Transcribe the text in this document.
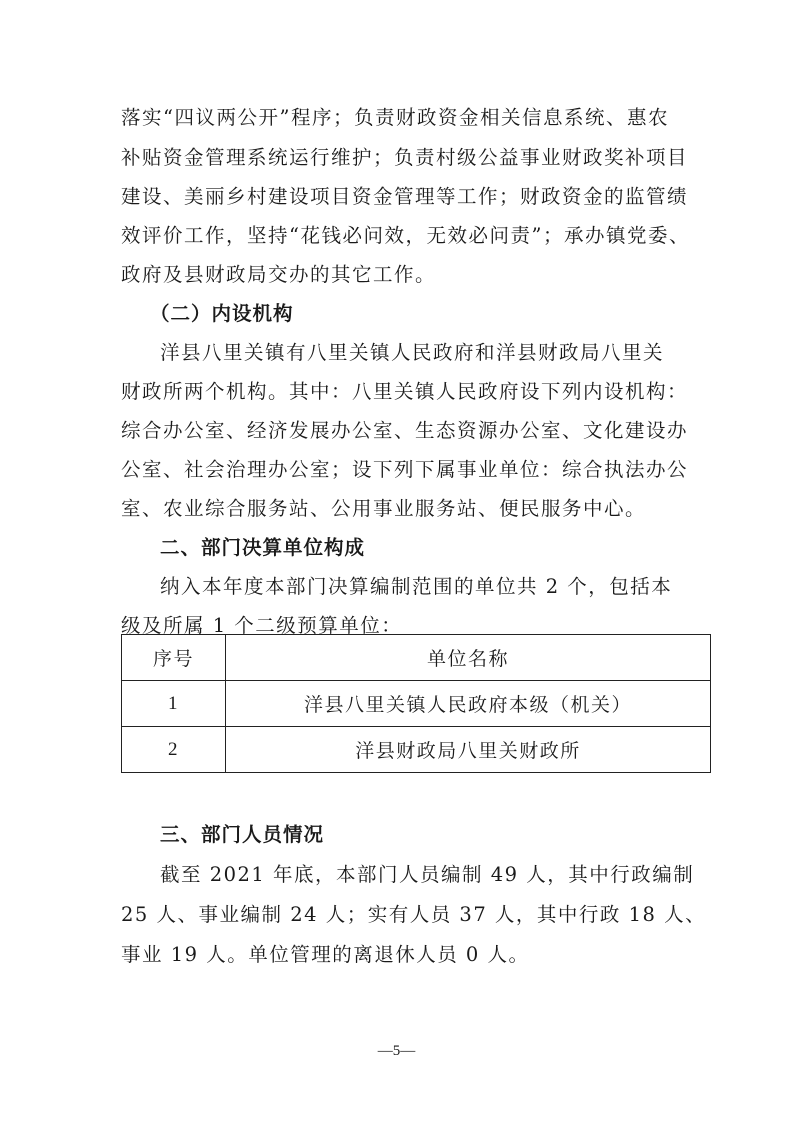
落实“四议两公开”程序；负责财政资金相关信息系统、惠农
补贴资金管理系统运行维护；负责村级公益事业财政奖补项目
建设、美丽乡村建设项目资金管理等工作；财政资金的监管绩
效评价工作，坚持“花钱必问效，无效必问责”；承办镇党委、
政府及县财政局交办的其它工作。
（二）内设机构
洋县八里关镇有八里关镇人民政府和洋县财政局八里关
财政所两个机构。其中：八里关镇人民政府设下列内设机构：
综合办公室、经济发展办公室、生态资源办公室、文化建设办
公室、社会治理办公室；设下列下属事业单位：综合执法办公
室、农业综合服务站、公用事业服务站、便民服务中心。
二、部门决算单位构成
纳入本年度本部门决算编制范围的单位共 2 个，包括本
级及所属 1 个二级预算单位：
序号	单位名称
1	洋县八里关镇人民政府本级（机关）
2	洋县财政局八里关财政所
三、部门人员情况
截至 2021 年底，本部门人员编制 49 人，其中行政编制
25 人、事业编制 24 人；实有人员 37 人，其中行政 18 人、
事业 19 人。单位管理的离退休人员 0 人。
—5—
